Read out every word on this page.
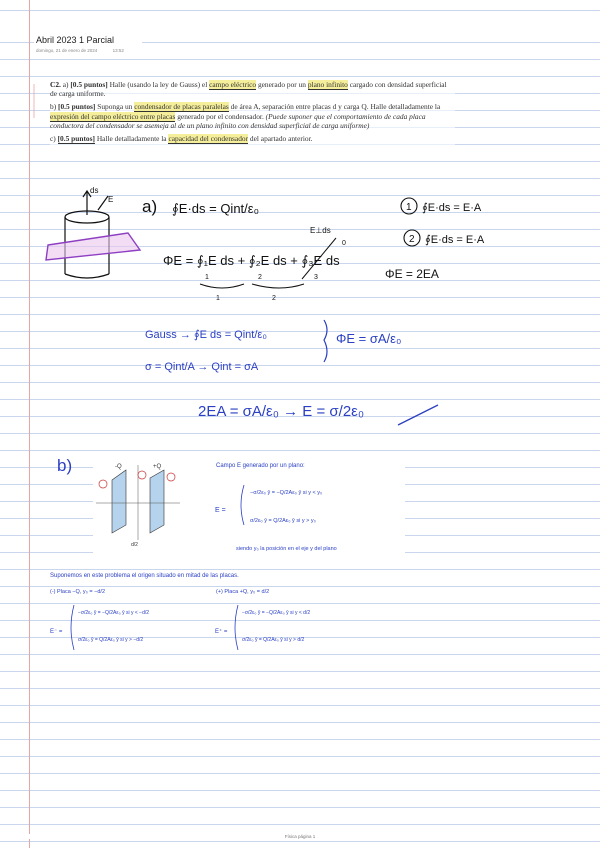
Abril 2023 1 Parcial
domingo, 21 de enero de 2024	13:52

C2. a) [0.5 puntos] Halle (usando la ley de Gauss) el campo eléctrico generado por un plano infinito cargado con densidad superficial de carga uniforme.

b) [0.5 puntos] Suponga un condensador de placas paralelas de área A, separación entre placas d y carga Q. Halle detalladamente la expresión del campo eléctrico entre placas generado por el condensador. (Puede suponer que el comportamiento de cada placa conductora del condensador se asemeja al de un plano infinito con densidad superficial de carga uniforme)

c) [0.5 puntos] Halle detalladamente la capacidad del condensador del apartado anterior.

ds
E a) ∮E·ds = Qint/ε₀	1 ∮E·ds = E·A
2 ∮E·ds = E·A
E⊥ds
0
ΦE = ∮₁E ds + ∮₂E ds + ∮₃E ds
1	2	3
1	2
ΦE = 2EA
Gauss → ∮E ds = Qint/ε₀	ΦE = σA/ε₀
σ = Qint/A → Qint = σA
2EA = σA/ε₀ → E = σ/2ε₀
b)	-Q	+Q
d/2
Campo E generado por un plano:
E =
−σ/2ε₀ ŷ = −Q/2Aε₀ ŷ si y < y₀
σ/2ε₀ ŷ = Q/2Aε₀ ŷ si y > y₀
siendo y₀ la posición en el eje y del plano
Suponemos en este problema el origen situado en mitad de las placas.
(-) Placa −Q, y₀ = −d/2	(+) Placa +Q, y₀ = d/2
E⁻ =
−σ/2ε₀ ŷ = −Q/2Aε₀ ŷ si y < −d/2
σ/2ε₀ ŷ = Q/2Aε₀ ŷ si y > −d/2
E⁺ =
−σ/2ε₀ ŷ = −Q/2Aε₀ ŷ si y < d/2
σ/2ε₀ ŷ = Q/2Aε₀ ŷ si y > d/2
Física página 1
